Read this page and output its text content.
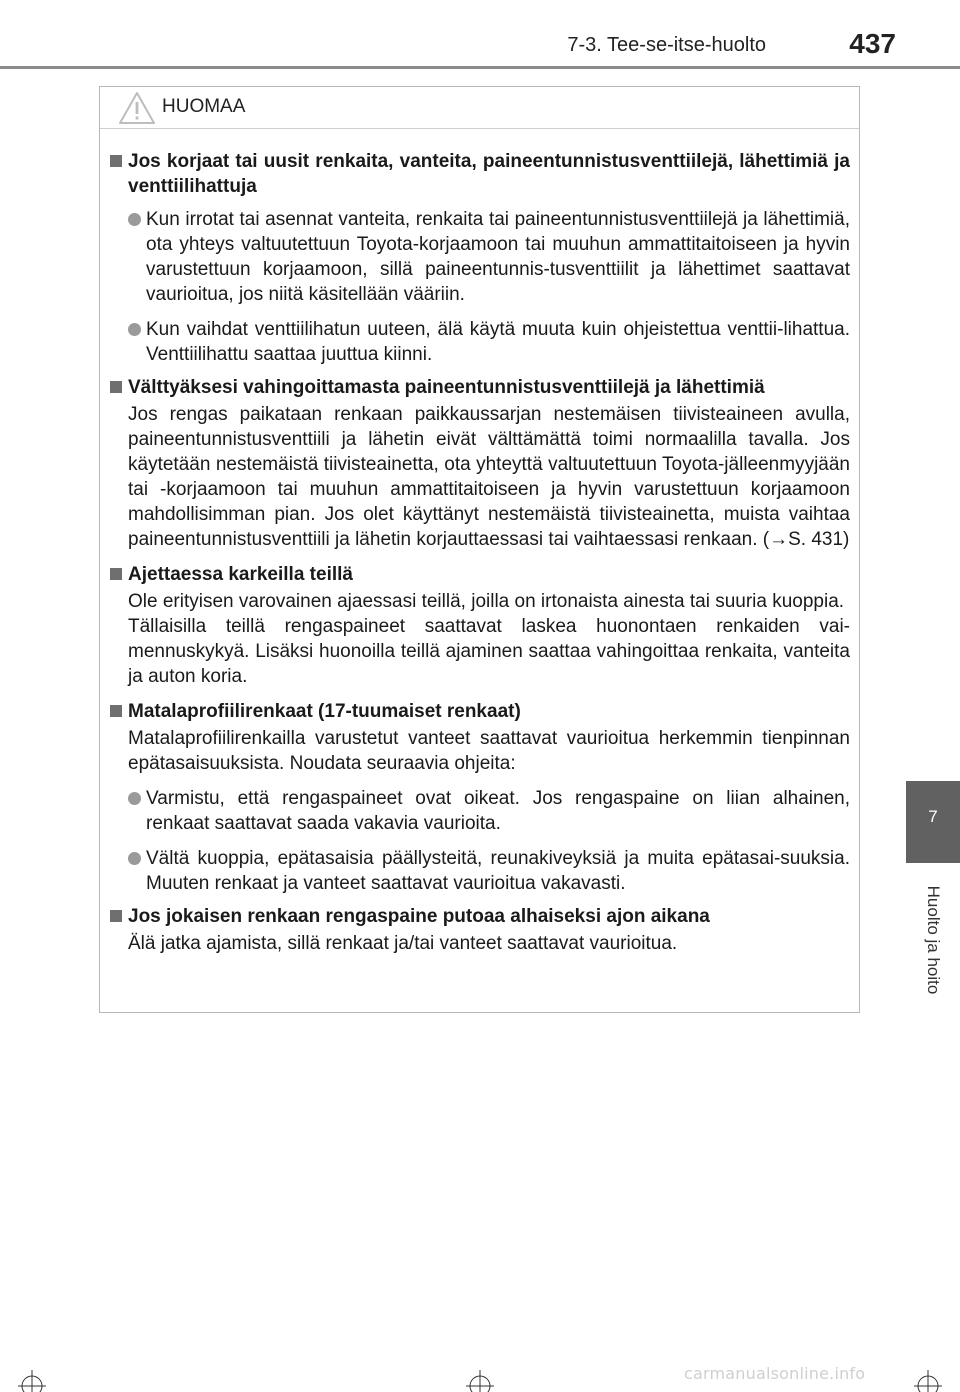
7-3. Tee-se-itse-huolto	437
7
Huolto ja hoito
HUOMAA
Jos korjaat tai uusit renkaita, vanteita, paineentunnistusventtiilejä, lähettimiä ja venttiilihattuja
Kun irrotat tai asennat vanteita, renkaita tai paineentunnistusventtiilejä ja lähettimiä, ota yhteys valtuutettuun Toyota-korjaamoon tai muuhun ammattitaitoiseen ja hyvin varustettuun korjaamoon, sillä paineentunnis-tusventtiilit ja lähettimet saattavat vaurioitua, jos niitä käsitellään vääriin.
Kun vaihdat venttiilihatun uuteen, älä käytä muuta kuin ohjeistettua venttii-lihattua. Venttiilihattu saattaa juuttua kiinni.
Välttyäksesi vahingoittamasta paineentunnistusventtiilejä ja lähettimiä
Jos rengas paikataan renkaan paikkaussarjan nestemäisen tiivisteaineen avulla, paineentunnistusventtiili ja lähetin eivät välttämättä toimi normaalilla tavalla. Jos käytetään nestemäistä tiivisteainetta, ota yhteyttä valtuutettuun Toyota-jälleenmyyjään tai -korjaamoon tai muuhun ammattitaitoiseen ja hyvin varustettuun korjaamoon mahdollisimman pian. Jos olet käyttänyt nestemäistä tiivisteainetta, muista vaihtaa paineentunnistusventtiili ja lähetin korjauttaessasi tai vaihtaessasi renkaan. (→S. 431)
Ajettaessa karkeilla teillä
Ole erityisen varovainen ajaessasi teillä, joilla on irtonaista ainesta tai suuria kuoppia.
Tällaisilla teillä rengaspaineet saattavat laskea huonontaen renkaiden vai-mennuskykyä. Lisäksi huonoilla teillä ajaminen saattaa vahingoittaa renkaita, vanteita ja auton koria.
Matalaprofiilirenkaat (17-tuumaiset renkaat)
Matalaprofiilirenkailla varustetut vanteet saattavat vaurioitua herkemmin tienpinnan epätasaisuuksista. Noudata seuraavia ohjeita:
Varmistu, että rengaspaineet ovat oikeat. Jos rengaspaine on liian alhainen, renkaat saattavat saada vakavia vaurioita.
Vältä kuoppia, epätasaisia päällysteitä, reunakiveyksiä ja muita epätasai-suuksia. Muuten renkaat ja vanteet saattavat vaurioitua vakavasti.
Jos jokaisen renkaan rengaspaine putoaa alhaiseksi ajon aikana
Älä jatka ajamista, sillä renkaat ja/tai vanteet saattavat vaurioitua.
carmanualsonline.info
